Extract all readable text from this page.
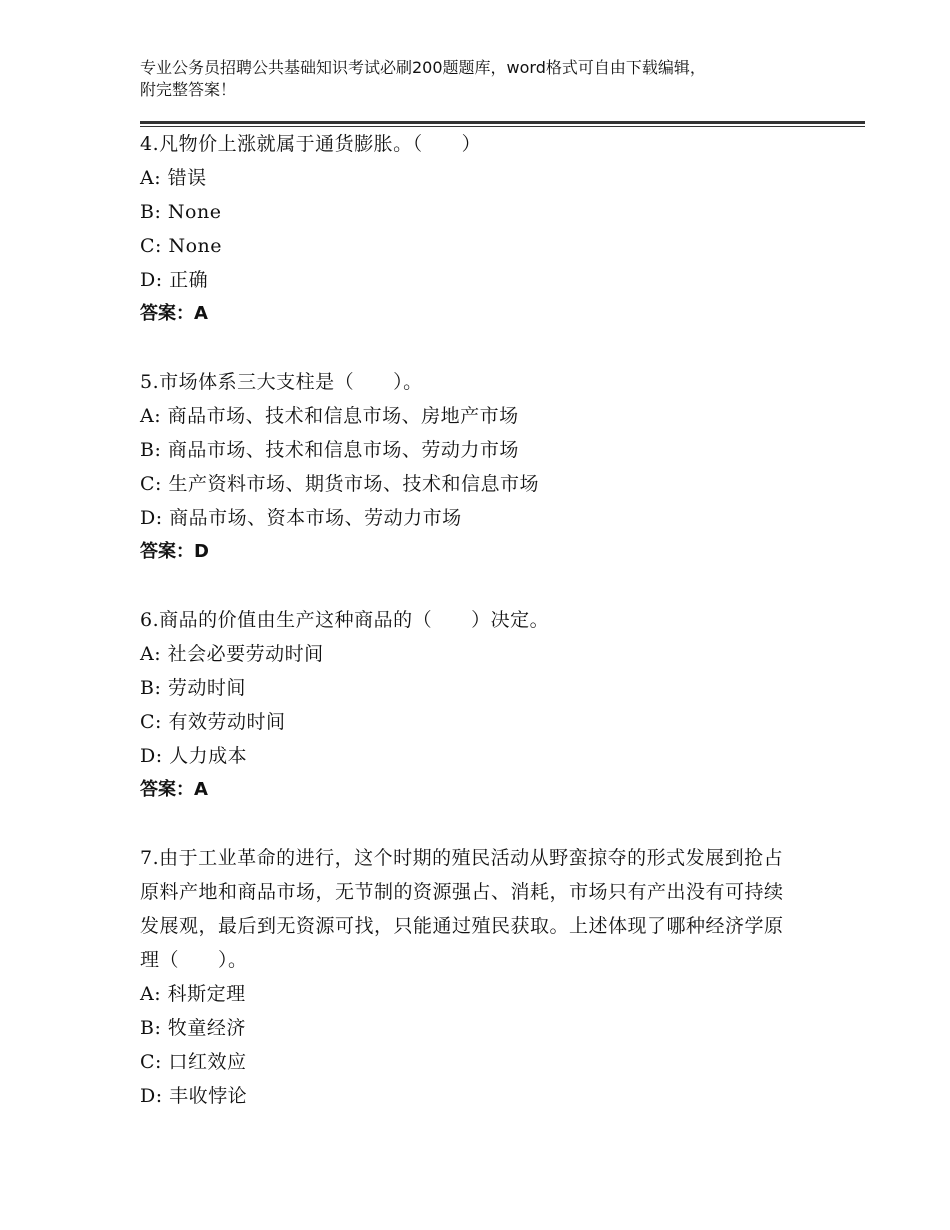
专业公务员招聘公共基础知识考试必刷200题题库，word格式可自由下载编辑，
附完整答案！
4.凡物价上涨就属于通货膨胀。（　　）
A: 错误
B: None
C: None
D: 正确
答案：A
5.市场体系三大支柱是（　　）。
A: 商品市场、技术和信息市场、房地产市场
B: 商品市场、技术和信息市场、劳动力市场
C: 生产资料市场、期货市场、技术和信息市场
D: 商品市场、资本市场、劳动力市场
答案：D
6.商品的价值由生产这种商品的（　　）决定。
A: 社会必要劳动时间
B: 劳动时间
C: 有效劳动时间
D: 人力成本
答案：A
7.由于工业革命的进行，这个时期的殖民活动从野蛮掠夺的形式发展到抢占原料产地和商品市场，无节制的资源强占、消耗，市场只有产出没有可持续发展观，最后到无资源可找，只能通过殖民获取。上述体现了哪种经济学原理（　　）。
A: 科斯定理
B: 牧童经济
C: 口红效应
D: 丰收悖论
